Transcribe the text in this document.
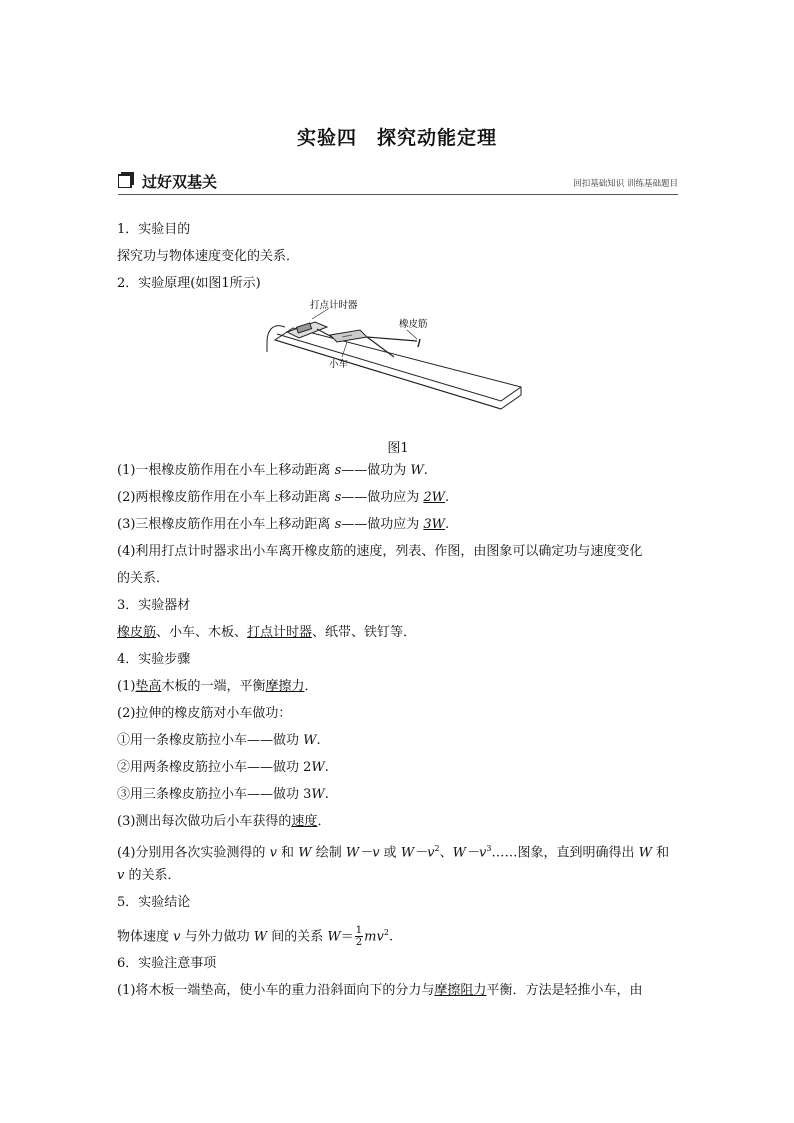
实验四　探究动能定理
过好双基关	回扣基础知识 训练基础题目
1．实验目的
探究功与物体速度变化的关系．
2．实验原理(如图1所示)
打点计时器
橡皮筋
小车
图1
(1)一根橡皮筋作用在小车上移动距离 s——做功为 W.
(2)两根橡皮筋作用在小车上移动距离 s——做功应为 2W.
(3)三根橡皮筋作用在小车上移动距离 s——做功应为 3W.
(4)利用打点计时器求出小车离开橡皮筋的速度，列表、作图，由图象可以确定功与速度变化
的关系．
3．实验器材
橡皮筋、小车、木板、打点计时器、纸带、铁钉等．
4．实验步骤
(1)垫高木板的一端，平衡摩擦力．
(2)拉伸的橡皮筋对小车做功：
①用一条橡皮筋拉小车——做功 W.
②用两条橡皮筋拉小车——做功 2W.
③用三条橡皮筋拉小车——做功 3W.
(3)测出每次做功后小车获得的速度．
(4)分别用各次实验测得的 v 和 W 绘制 W－v 或 $W-v^2$、$W-v^3\dots\dots$图象，直到明确得出 W 和
v 的关系．
5．实验结论
物体速度 v 与外力做功 W 间的关系 $W= \frac{1}{2} mv^2$.
6．实验注意事项
(1)将木板一端垫高，使小车的重力沿斜面向下的分力与摩擦阻力平衡．方法是轻推小车，由
